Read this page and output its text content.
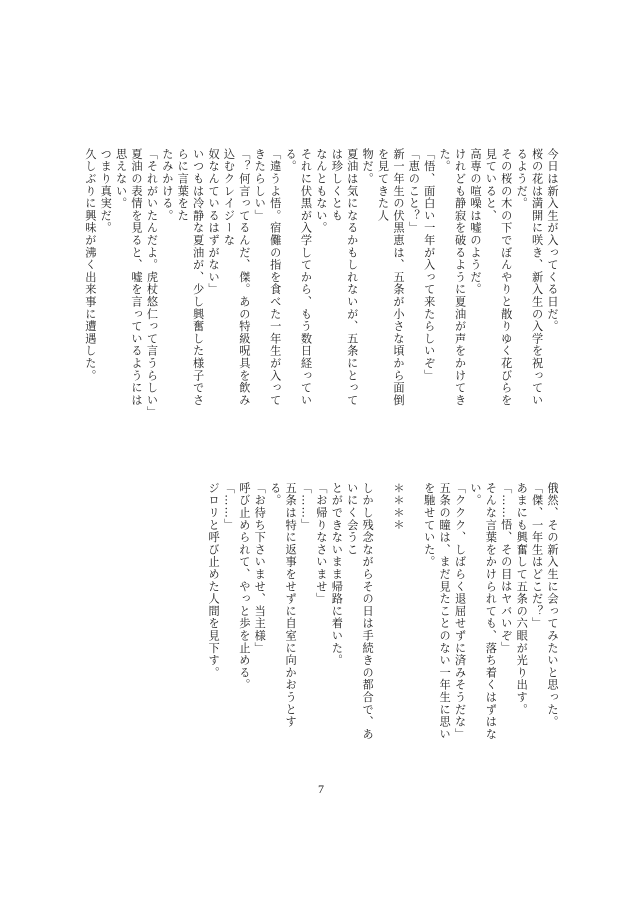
今日は新入生が入ってくる日だ。
桜の花は満開に咲き、新入生の入学を祝っているようだ。
その桜の木の下でぼんやりと散りゆく花びらを見ていると、
高専の喧噪は嘘のようだ。
けれども静寂を破るように夏油が声をかけてきた。
「悟、面白い一年が入って来たらしいぞ」
「恵のこと？」
新一年生の伏黒恵は、五条が小さな頃から面倒を見てきた人
物だ。
夏油は気になるかもしれないが、五条にとっては珍しくとも
なんともない。
それに伏黒が入学してから、もう数日経っている。
「違うよ悟。宿儺の指を食べた一年生が入ってきたらしい」
「？何言ってるんだ、傑。あの特級呪具を飲み込むクレイジーな
奴なんているはずがない」
いつもは冷静な夏油が、少し興奮した様子でさらに言葉をた
たみかける。
「それがいたんだよ。虎杖悠仁って言うらしい」
夏油の表情を見ると、嘘を言っているようには思えない。
つまり真実だ。
久しぶりに興味が沸く出来事に遭遇した。
俄然、その新入生に会ってみたいと思った。
「傑、一年生はどこだ？」
あまにも興奮して五条の六眼が光り出す。
「……悟、その目はヤバいぞ」
そんな言葉をかけられても、落ち着くはずはない。
「ククク、しばらく退屈せずに済みそうだな」
五条の瞳は、まだ見たことのない一年生に思いを馳せていた。

＊＊＊＊

しかし残念ながらその日は手続きの都合で、あいにく会うこ
とができないまま帰路に着いた。
「お帰りなさいませ」
「……」
五条は特に返事をせずに自室に向かおうとする。
「お待ち下さいませ、当主様」
呼び止められて、やっと歩を止める。
「……」
ジロリと呼び止めた人間を見下す。
7
